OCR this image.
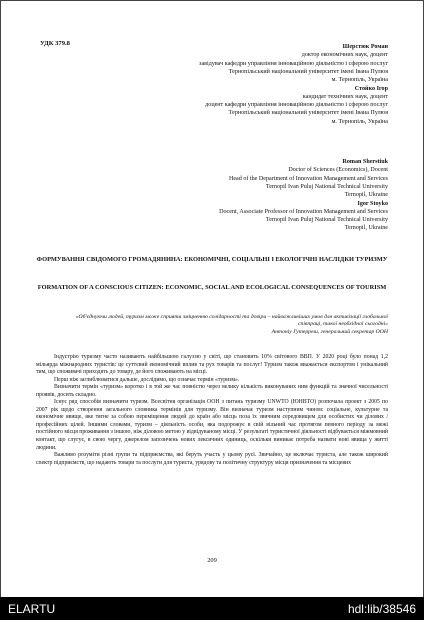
УДК 379.8	Шерстюк Роман
доктор економічних наук, доцент
завідувач кафедри управління інноваційною діяльністю і сферою послуг
Тернопільський національний університет імені Івана Пулюя
м. Тернопіль, Україна
Стойко Ігор
кандидат технічних наук, доцент
доцент кафедри управління інноваційною діяльністю і сферою послуг
Тернопільський національний університет імені Івана Пулюя
м. Тернопіль, Україна
Roman Sherstiuk
Doctor of Sciences (Economics), Docent
Head of the Department of Innovation Management and Services
Ternopil Ivan Puluj National Technical University
Ternopil, Ukraine
Igor Stoyko
Docent, Associate Professor of Innovation Management and Services
Ternopil Ivan Puluj National Technical University
Ternopil, Ukraine
ФОРМУВАННЯ СВІДОМОГО ГРОМАДЯНИНА: ЕКОНОМІЧНІ, СОЦІАЛЬНІ І ЕКОЛОГІЧНІ НАСЛІДКИ ТУРИЗМУ
FORMATION OF A CONSCIOUS CITIZEN: ECONOMIC, SOCIAL AND ECOLOGICAL CONSEQUENCES OF TOURISM
«Об'єднуючи людей, туризм може сприяти зміцненню солідарності та довіри – найважливіших умов для активізації глобальної співпраці, такої необхідної сьогодні»
Антоніу Гутерреш, генеральний секретар ООН

Індустрію туризму часто називають найбільшою галуззю у світі, що становить 10% світового ВВП. У 2020 році було понад 1,2 мільярда міжнародних туристів: це суттєвий економічний вплив та рух товарів та послуг! Туризм також вважається експортом і унікальний тим, що споживачі приходять до товару, де його споживають на місці.

Перш ніж заглиблюватися дальше, дослідимо, що означає термін «туризм».

Визначити термін «туризм» коротко і в той же час повністю через велику кількість виконуваних ним функцій та значної чисельності проявів, досить складно.

Існує ряд способів визначити туризм. Всесвітня організація ООН з питань туризму UNWTO (ЮНВТО) розпочала проект з 2005 по 2007 рік щодо створення загального словника термінів для туризму. Він визначає туризм наступним чином: соціальне, культурне та економічне явище, яке тягне за собою переміщення людей до країн або місць поза їх звичним середовищем для особистих чи ділових / професійних цілей. Іншими словами, туризм – діяльність особи, яка подорожує в свій вільний час протягом певного періоду за межі постійного місця проживання з іншою, ніж діловою метою у відвідуваному місці. У результаті туристичної діяльності відбувається міжмовний контакт, що слугує, в свою чергу, джерелом запозичень нових лексичних одиниць, оскільки виникає потреба назвати нові явища у житті людини.

Важливо розуміти різні групи та підприємства, які беруть участь у цьому русі. Звичайно, це включає туриста, але також широкий спектр підприємств, що надають товари та послуги для туриста, урядову та політичну структуру місця призначення та місцевих

209
ELARTU	hdl:lib/38546
